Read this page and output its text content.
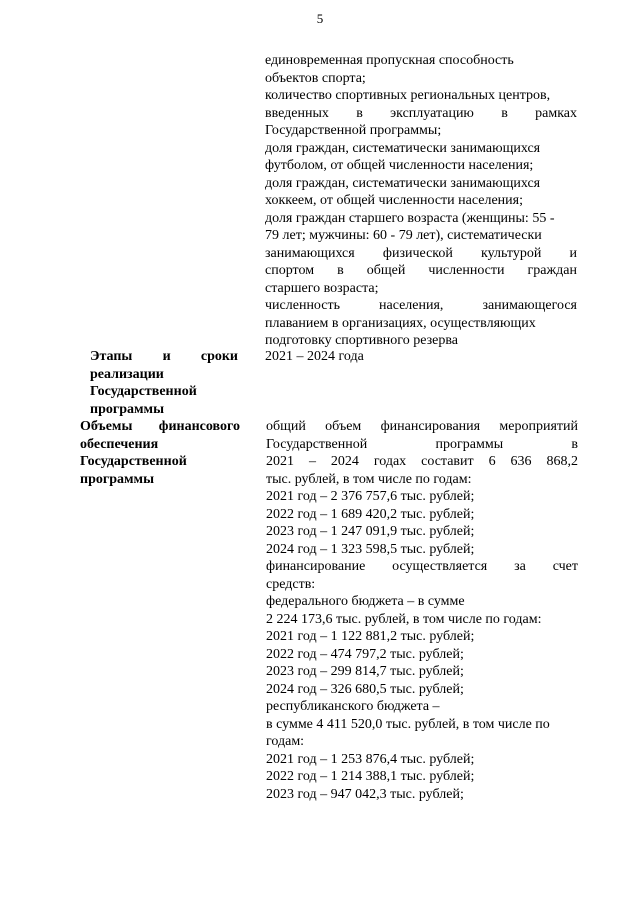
5
единовременная пропускная способность
объектов спорта;
количество спортивных региональных центров,
введенных в эксплуатацию в рамках
Государственной программы;
доля граждан, систематически занимающихся
футболом, от общей численности населения;
доля граждан, систематически занимающихся
хоккеем, от общей численности населения;
доля граждан старшего возраста (женщины: 55 -
79 лет; мужчины: 60 - 79 лет), систематически
занимающихся физической культурой и
спортом в общей численности граждан
старшего возраста;
численность населения, занимающегося
плаванием в организациях, осуществляющих
подготовку спортивного резерва
Этапы и сроки
реализации
Государственной
программы
2021 – 2024 года
Объемы финансового
обеспечения
Государственной
программы
общий объем финансирования мероприятий
Государственной программы в
2021 – 2024 годах составит 6 636 868,2
тыс. рублей, в том числе по годам:
2021 год – 2 376 757,6 тыс. рублей;
2022 год – 1 689 420,2 тыс. рублей;
2023 год – 1 247 091,9 тыс. рублей;
2024 год – 1 323 598,5 тыс. рублей;
финансирование осуществляется за счет
средств:
федерального бюджета – в сумме
2 224 173,6 тыс. рублей, в том числе по годам:
2021 год – 1 122 881,2 тыс. рублей;
2022 год – 474 797,2 тыс. рублей;
2023 год – 299 814,7 тыс. рублей;
2024 год – 326 680,5 тыс. рублей;
республиканского бюджета –
в сумме 4 411 520,0 тыс. рублей, в том числе по
годам:
2021 год – 1 253 876,4 тыс. рублей;
2022 год – 1 214 388,1 тыс. рублей;
2023 год – 947 042,3 тыс. рублей;
